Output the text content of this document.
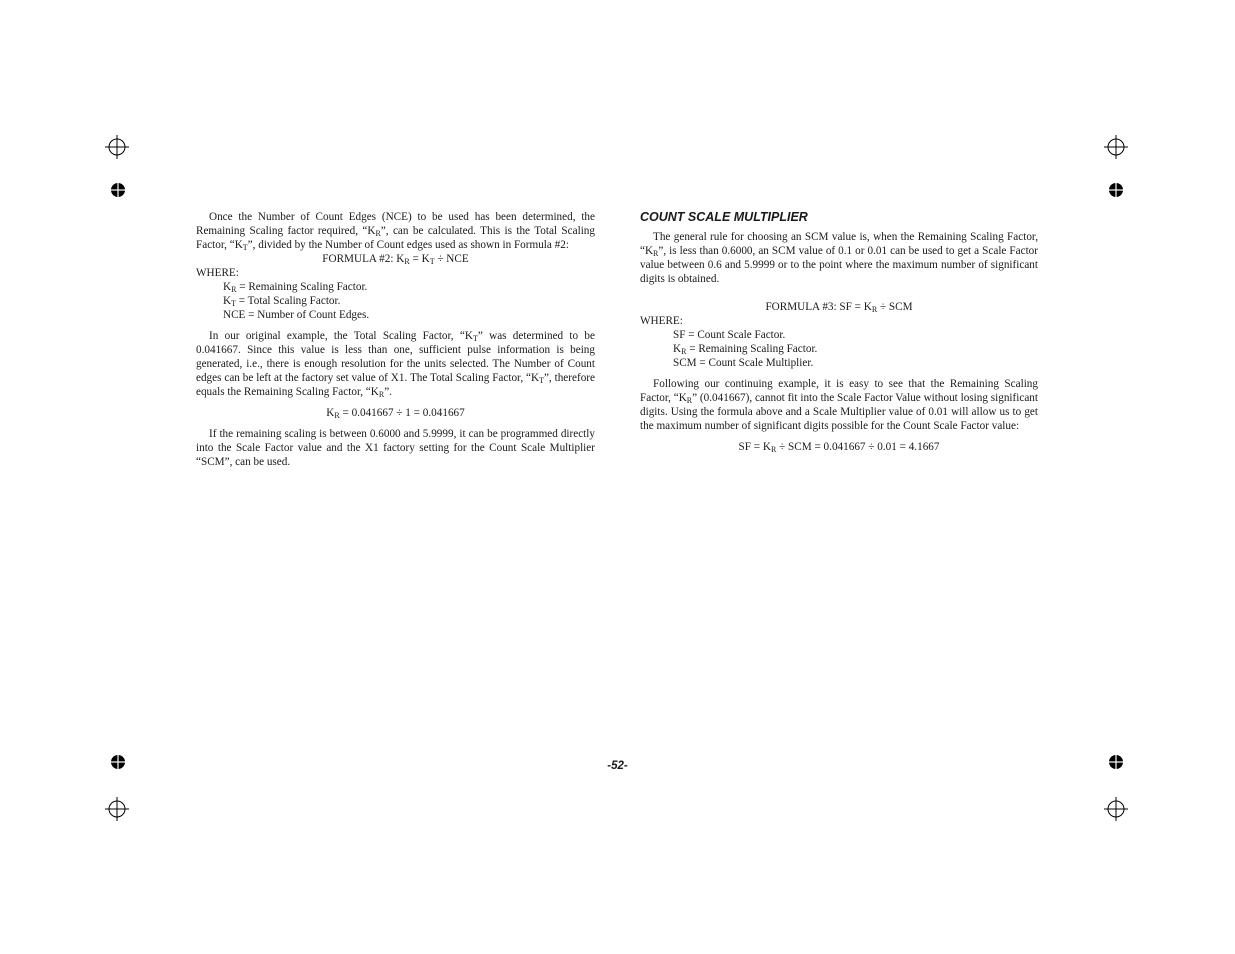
Once the Number of Count Edges (NCE) to be used has been determined, the Remaining Scaling factor required, “$K_R$”, can be calculated. This is the Total Scaling Factor, “$K_T$”, divided by the Number of Count edges used as shown in Formula #2:

FORMULA #2: $K_R = K_T$ ÷ NCE
WHERE:
$K_R$ = Remaining Scaling Factor.
$K_T$ = Total Scaling Factor.
NCE = Number of Count Edges.

In our original example, the Total Scaling Factor, “$K_T$” was determined to be 0.041667. Since this value is less than one, sufficient pulse information is being generated, i.e., there is enough resolution for the units selected. The Number of Count edges can be left at the factory set value of X1. The Total Scaling Factor, “$K_T$”, therefore equals the Remaining Scaling Factor, “$K_R$”.

$K_R = 0.041667 \div 1 = 0.041667$

If the remaining scaling is between 0.6000 and 5.9999, it can be programmed directly into the Scale Factor value and the X1 factory setting for the Count Scale Multiplier “SCM”, can be used.

COUNT SCALE MULTIPLIER

The general rule for choosing an SCM value is, when the Remaining Scaling Factor, “$K_R$”, is less than 0.6000, an SCM value of 0.1 or 0.01 can be used to get a Scale Factor value between 0.6 and 5.9999 or to the point where the maximum number of significant digits is obtained.

FORMULA #3: SF = $K_R$ ÷ SCM
WHERE:
SF = Count Scale Factor.
$K_R$ = Remaining Scaling Factor.
SCM = Count Scale Multiplier.

Following our continuing example, it is easy to see that the Remaining Scaling Factor, “$K_R$” (0.041667), cannot fit into the Scale Factor Value without losing significant digits. Using the formula above and a Scale Multiplier value of 0.01 will allow us to get the maximum number of significant digits possible for the Count Scale Factor value:

SF = $K_R$ ÷ SCM = 0.041667 ÷ 0.01 = 4.1667
-52-
